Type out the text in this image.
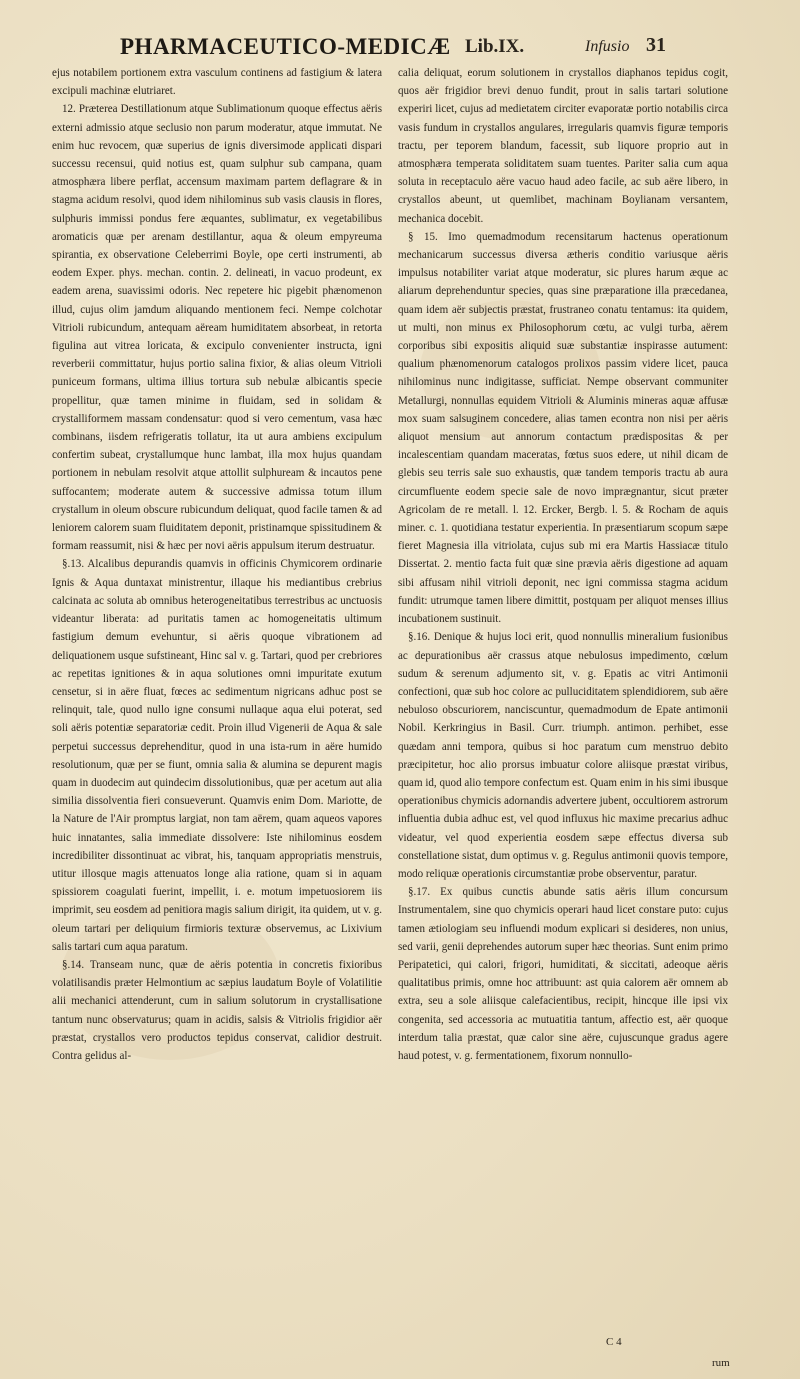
PHARMACEUTICO-MEDICÆ Lib.IX.	Infusio 31

ejus notabilem portionem extra vasculum continens ad fastigium & latera excipuli machinæ elutriaret.

12. Præterea Destillationum atque Sublimationum quoque effectus aëris externi admissio atque seclusio non parum moderatur, atque immutat. Ne enim huc revocem, quæ superius de ignis diversimode applicati dispari successu recensui, quid notius est, quam sulphur sub campana, quam atmosphæra libere perflat, accensum maximam partem deflagrare & in stagma acidum resolvi, quod idem nihilominus sub vasis clausis in flores, sulphuris immissi pondus fere æquantes, sublimatur, ex vegetabilibus aromaticis quæ per arenam destillantur, aqua & oleum empyreuma spirantia, ex observatione Celeberrimi Boyle, ope certi instrumenti, ab eodem Exper. phys. mechan. contin. 2. delineati, in vacuo prodeunt, ex eadem arena, suavissimi odoris. Nec repetere hic pigebit phænomenon illud, cujus olim jamdum aliquando mentionem feci. Nempe colchotar Vitrioli rubicundum, antequam aëream humiditatem absorbeat, in retorta figulina aut vitrea loricata, & excipulo convenienter instructa, igni reverberii committatur, hujus portio salina fixior, & alias oleum Vitrioli puniceum formans, ultima illius tortura sub nebulæ albicantis specie propellitur, quæ tamen minime in fluidam, sed in solidam & crystalliformem massam condensatur: quod si vero cementum, vasa hæc combinans, iisdem refrigeratis tollatur, ita ut aura ambiens excipulum confertim subeat, crystallumque hunc lambat, illa mox hujus quandam portionem in nebulam resolvit atque attollit sulphuream & incautos pene suffocantem; moderate autem & successive admissa totum illum crystallum in oleum obscure rubicundum deliquat, quod facile tamen & ad leniorem calorem suam fluiditatem deponit, pristinamque spissitudinem & formam reassumit, nisi & hæc per novi aëris appulsum iterum destruatur.

§.13. Alcalibus depurandis quamvis in officinis Chymicorem ordinarie Ignis & Aqua duntaxat ministrentur, illaque his mediantibus crebrius calcinata ac soluta ab omnibus heterogeneitatibus terrestribus ac unctuosis videantur liberata: ad puritatis tamen ac homogeneitatis ultimum fastigium demum evehuntur, si aëris quoque vibrationem ad deliquationem usque sufstineant, Hinc sal v. g. Tartari, quod per crebriores ac repetitas ignitiones & in aqua solutiones omni impuritate exutum censetur, si in aëre fluat, fœces ac sedimentum nigricans adhuc post se relinquit, tale, quod nullo igne consumi nullaque aqua elui poterat, sed soli aëris potentiæ separatoriæ cedit. Proin illud Vigenerii de Aqua & sale perpetui successus deprehenditur, quod in una ista-rum in aëre humido resolutionum, quæ per se fiunt, omnia salia & alumina se depurent magis quam in duodecim aut quindecim dissolutionibus, quæ per acetum aut alia similia dissolventia fieri consueverunt. Quamvis enim Dom. Mariotte, de la Nature de l'Air promptus largiat, non tam aërem, quam aqueos vapores huic innatantes, salia immediate dissolvere: Iste nihilominus eosdem incredibiliter dissontinuat ac vibrat, his, tanquam appropriatis menstruis, utitur illosque magis attenuatos longe alia ratione, quam si in aquam spissiorem coagulati fuerint, impellit, i. e. motum impetuosiorem iis imprimit, seu eosdem ad penitiora magis salium dirigit, ita quidem, ut v. g. oleum tartari per deliquium firmioris texturæ observemus, ac Lixivium salis tartari cum aqua paratum.

§.14. Transeam nunc, quæ de aëris potentia in concretis fixioribus volatilisandis præter Helmontium ac sæpius laudatum Boyle of Volatilitie alii mechanici attenderunt, cum in salium solutorum in crystallisatione tantum nunc observaturus; quam in acidis, salsis & Vitriolis frigidior aër præstat, crystallos vero productos tepidus conservat, calidior destruit. Contra gelidus al-

calia deliquat, eorum solutionem in crystallos diaphanos tepidus cogit, quos aër frigidior brevi denuo fundit, prout in salis tartari solutione experiri licet, cujus ad medietatem circiter evaporatæ portio notabilis circa vasis fundum in crystallos angulares, irregularis quamvis figuræ temporis tractu, per teporem blandum, facessit, sub liquore proprio aut in atmosphæra temperata soliditatem suam tuentes. Pariter salia cum aqua soluta in receptaculo aëre vacuo haud adeo facile, ac sub aëre libero, in crystallos abeunt, ut quemlibet, machinam Boylianam versantem, mechanica docebit.

§ 15. Imo quemadmodum recensitarum hactenus operationum mechanicarum successus diversa ætheris conditio variusque aëris impulsus notabiliter variat atque moderatur, sic plures harum æque ac aliarum deprehenduntur species, quas sine præparatione illa præcedanea, quam idem aër subjectis præstat, frustraneo conatu tentamus: ita quidem, ut multi, non minus ex Philosophorum cœtu, ac vulgi turba, aërem corporibus sibi expositis aliquid suæ substantiæ inspirasse autument: qualium phænomenorum catalogos prolixos passim videre licet, pauca nihilominus nunc indigitasse, sufficiat. Nempe observant communiter Metallurgi, nonnullas equidem Vitrioli & Aluminis mineras aquæ affusæ mox suam salsuginem concedere, alias tamen econtra non nisi per aëris aliquot mensium aut annorum contactum prædispositas & per incalescentiam quandam maceratas, fœtus suos edere, ut nihil dicam de glebis seu terris sale suo exhaustis, quæ tandem temporis tractu ab aura circumfluente eodem specie sale de novo imprægnantur, sicut præter Agricolam de re metall. l. 12. Ercker, Bergb. l. 5. & Rocham de aquis miner. c. 1. quotidiana testatur experientia. In præsentiarum scopum sæpe fieret Magnesia illa vitriolata, cujus sub mi era Martis Hassiacæ titulo Dissertat. 2. mentio facta fuit quæ sine prævia aëris digestione ad aquam sibi affusam nihil vitrioli deponit, nec igni commissa stagma acidum fundit: utrumque tamen libere dimittit, postquam per aliquot menses illius incubationem sustinuit.

§.16. Denique & hujus loci erit, quod nonnullis mineralium fusionibus ac depurationibus aër crassus atque nebulosus impedimento, cœlum sudum & serenum adjumento sit, v. g. Epatis ac vitri Antimonii confectioni, quæ sub hoc colore ac pulluciditatem splendidiorem, sub aëre nebuloso obscuriorem, nanciscuntur, quemadmodum de Epate antimonii Nobil. Kerkringius in Basil. Curr. triumph. antimon. perhibet, esse quædam anni tempora, quibus si hoc paratum cum menstruo debito præcipitetur, hoc alio prorsus imbuatur colore aliisque præstat viribus, quam id, quod alio tempore confectum est. Quam enim in his simi ibusque operationibus chymicis adornandis advertere jubent, occultiorem astrorum influentia dubia adhuc est, vel quod influxus hic maxime precarius adhuc videatur, vel quod experientia eosdem sæpe effectus diversa sub constellatione sistat, dum optimus v. g. Regulus antimonii quovis tempore, modo reliquæ operationis circumstantiæ probe observentur, paratur.

§.17. Ex quibus cunctis abunde satis aëris illum concursum Instrumentalem, sine quo chymicis operari haud licet constare puto: cujus tamen ætiologiam seu influendi modum explicari si desideres, non unius, sed varii, genii deprehendes autorum super hæc theorias. Sunt enim primo Peripatetici, qui calori, frigori, humiditati, & siccitati, adeoque aëris qualitatibus primis, omne hoc attribuunt: ast quia calorem aër omnem ab extra, seu a sole aliisque calefacientibus, recipit, hincque ille ipsi vix congenita, sed accessoria ac mutuatitia tantum, affectio est, aër quoque interdum talia præstat, quæ calor sine aëre, cujuscunque gradus agere haud potest, v. g. fermentationem, fixorum nonnullo-

C 4
rum
